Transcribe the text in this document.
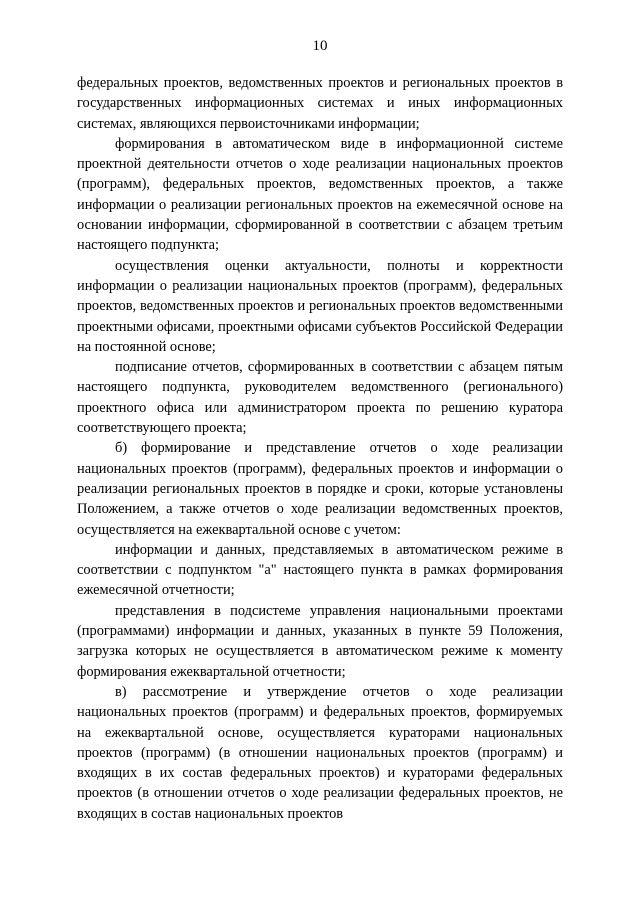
10

федеральных проектов, ведомственных проектов и региональных проектов в государственных информационных системах и иных информационных системах, являющихся первоисточниками информации;

формирования в автоматическом виде в информационной системе проектной деятельности отчетов о ходе реализации национальных проектов (программ), федеральных проектов, ведомственных проектов, а также информации о реализации региональных проектов на ежемесячной основе на основании информации, сформированной в соответствии с абзацем третьим настоящего подпункта;

осуществления оценки актуальности, полноты и корректности информации о реализации национальных проектов (программ), федеральных проектов, ведомственных проектов и региональных проектов ведомственными проектными офисами, проектными офисами субъектов Российской Федерации на постоянной основе;

подписание отчетов, сформированных в соответствии с абзацем пятым настоящего подпункта, руководителем ведомственного (регионального) проектного офиса или администратором проекта по решению куратора соответствующего проекта;

б) формирование и представление отчетов о ходе реализации национальных проектов (программ), федеральных проектов и информации о реализации региональных проектов в порядке и сроки, которые установлены Положением, а также отчетов о ходе реализации ведомственных проектов, осуществляется на ежеквартальной основе с учетом:

информации и данных, представляемых в автоматическом режиме в соответствии с подпунктом "а" настоящего пункта в рамках формирования ежемесячной отчетности;

представления в подсистеме управления национальными проектами (программами) информации и данных, указанных в пункте 59 Положения, загрузка которых не осуществляется в автоматическом режиме к моменту формирования ежеквартальной отчетности;

в) рассмотрение и утверждение отчетов о ходе реализации национальных проектов (программ) и федеральных проектов, формируемых на ежеквартальной основе, осуществляется кураторами национальных проектов (программ) (в отношении национальных проектов (программ) и входящих в их состав федеральных проектов) и кураторами федеральных проектов (в отношении отчетов о ходе реализации федеральных проектов, не входящих в состав национальных проектов
